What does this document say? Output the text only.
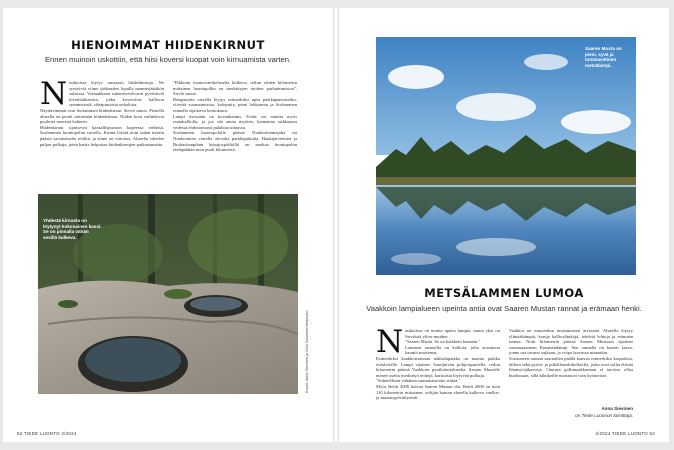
HIENOIMMAT HIIDENKIRNUT
Ennen muinoin uskottiin, että hiisi koversi kuopat voin kirnuamista varten.
N uukioissa löytyy runsaasti hiidenkirnuja. Ne syntyivät viime jääkauden lopulla mannerjäätikön sulaessa. Voimakkaan sulamisveslvirrat pyörittivät kivenlohkareita, jotka koversivat kallioon symmetrisiä, sileäpintaisia onkaloita.

Näyttävimmät ovat Sorlammen hiidenkirnut. Sirviö sanoo. Pienellä alueella on peräti seitsemän hiidenkirnua. Niiden koot vaihtelevat puolesta metristä kahteen.

Hiidenkirnut sijaitsevat kansallispuiston kupeessa etelässä. Sorlammen luontopolun varrella. Kirnut löytää noin sadan metrin päästä varsinaiselta reitiltä, ja sinne on viitoitus. Alueelta riittelee paljon polkuja, joten kartta helpottaa hiidenkirnujen paikantamista.

"Pikkuiin luontovaeskeluselta kulkeva, reilun viiden kilometrin mittainen luontopolku on merkittyjen reittien parhaimmistoa", Sirviö sanoo.

Rengaseitin varrella löytyy esimerkiksi upea päätkäpanoaseltto, viiveää suomaimistoa, kelopuita, pieni lohkareita ja Sorlammen rannalla sijaitseva keittokatos.

Lampi itsessään on kovankaunis. Eväät voi nauttia myös rantakalliolla, ja jos sää antaa myöten, kannattaa taikkaassa vedessä ehdottomasti pulahtaa uimassa.

Sorlammen luontopolulle pääsee Nuukiolonmajalta tai Nuukiontien varrella olevalta parkkipaikalta. Haukijärventien ja Brobackanpihan huoajoypäiliöllä on matkaa luontopolun eteläpäähän noin puoli kilometriä.

Yhdestä kirnusta on löytynyt kokonainen kasvi. Se on pinnalla vähän vesillä kulkeva.
Kuvat: Anna Sievinen ja Ossi Saarinen/Vastavalo
52 TIEDE LUONTO 4/2024
Saaren Musta on pieni, syvä ja tummavetinen metsälampi.
METSÄLAMMEN LUMOA
Vaakkoin lampialueen upeinta antia ovat Saaren Mustan rannat ja erämaan henki.
N uukioissa on monia upeita lampia, mutta yksi on Sirviöstä ylitse muiden.

"Saaren Musta. Se on kaikkein kaunein."

Lammen rannoilla on kalliota, jolta avautuvat kauniit maisemat.

Esimerkiksi kaakkoisrannan näköalapaikka on mainio paikka eväsleiville. Lampi sijaitsee Saarijärven pohjoispuolella, reilun kilometrin päässä Vaakkoin pysäköintialueelta. Saaren Mustalle menee useita merkittyä reittejä, karttoista löytyvää polkuja.

"Suhteellisen vähänen suunnistustaito riittää."

Myös Reitti 2000 kulvaa Saaren Mustan ohi. Reitti 2000 on noin 110 kilometrin mittainen, reilijän kuntan alueella kulkeva vaellus- ja maastopyöräilyreitti.

Vaakkoi on muutenkin tutustumisen arvoinen. Alueella löytyy ylimääkämpiä, karuja kallioylänköjä, tehdvät lehtoja ja erämaan tuntua. Noin kilometrin päässä Saaren Mustasta sijaitsee suomuaaaimen Kiasmendampi. Sen rannalla on kaunis laavu, jonne saa tavarat sujkaan, ja voipa laavussa uimaukin.

Soistuneen rannan saarnallen päällä kauvaa esimerkiksi karpaloita, tälloin sekä pyörä- ja pitkälleniskiholkoilla, jotka ovat sollia elävää lihansyöjäkasveja. Ominsa gollimaakkunnan ot tarvitse ollaa huolissaan, sillä kihokeille maistuvat vain hyönteiset.

Anna Sievinen
on Tiede Luonnon toimittaja.
4/2024 TIEDE LUONTO 53
